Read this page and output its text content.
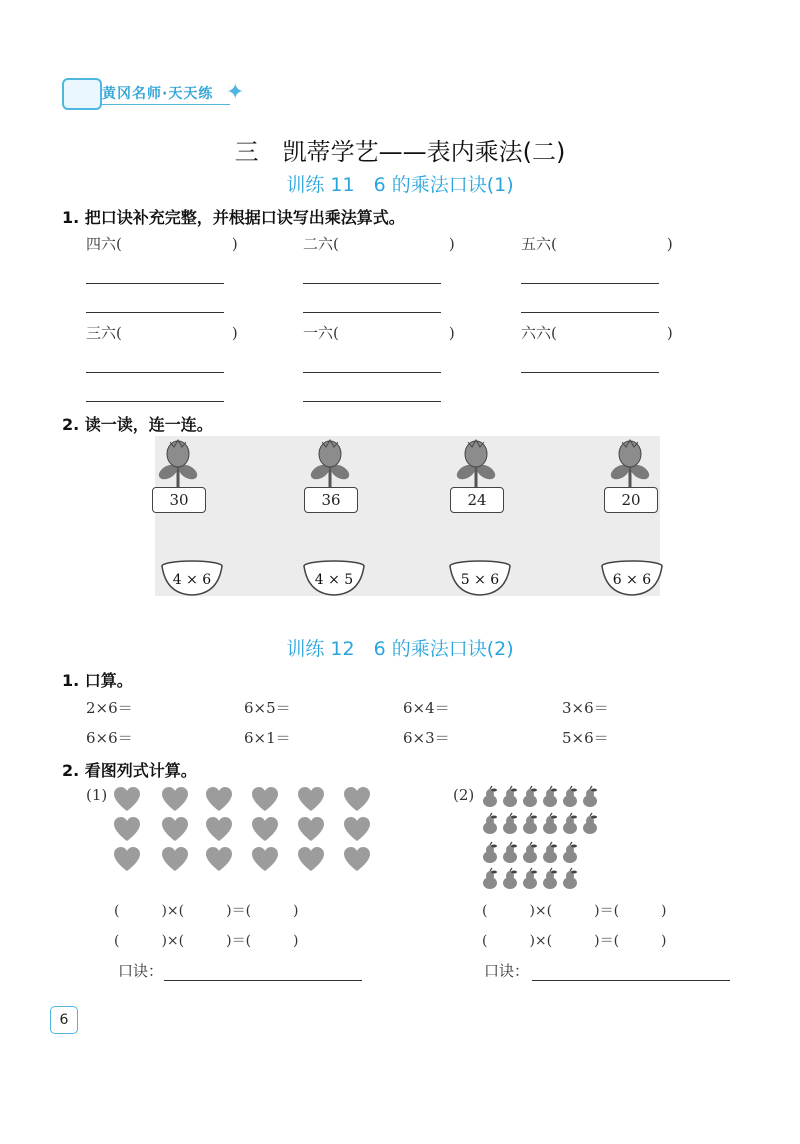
黄冈名师·天天练 ✦
三　凯蒂学艺——表内乘法(二)
训练 11　6 的乘法口诀(1)
1. 把口诀补充完整，并根据口诀写出乘法算式。
四六(	)	二六(	)	五六(	)
三六(	)	一六(	)	六六(	)
2. 读一读，连一连。
30	36	24	20
4 × 6	4 × 5	5 × 6	6 × 6
训练 12　6 的乘法口诀(2)
1. 口算。
2×6＝	6×5＝	6×4＝	3×6＝
6×6＝	6×1＝	6×3＝	5×6＝
2. 看图列式计算。
(1)	(2)
(　　　)×(　　　)＝(　　　)
(　　　)×(　　　)＝(　　　)
口诀：
(　　　)×(　　　)＝(　　　)
(　　　)×(　　　)＝(　　　)
口诀：
6
